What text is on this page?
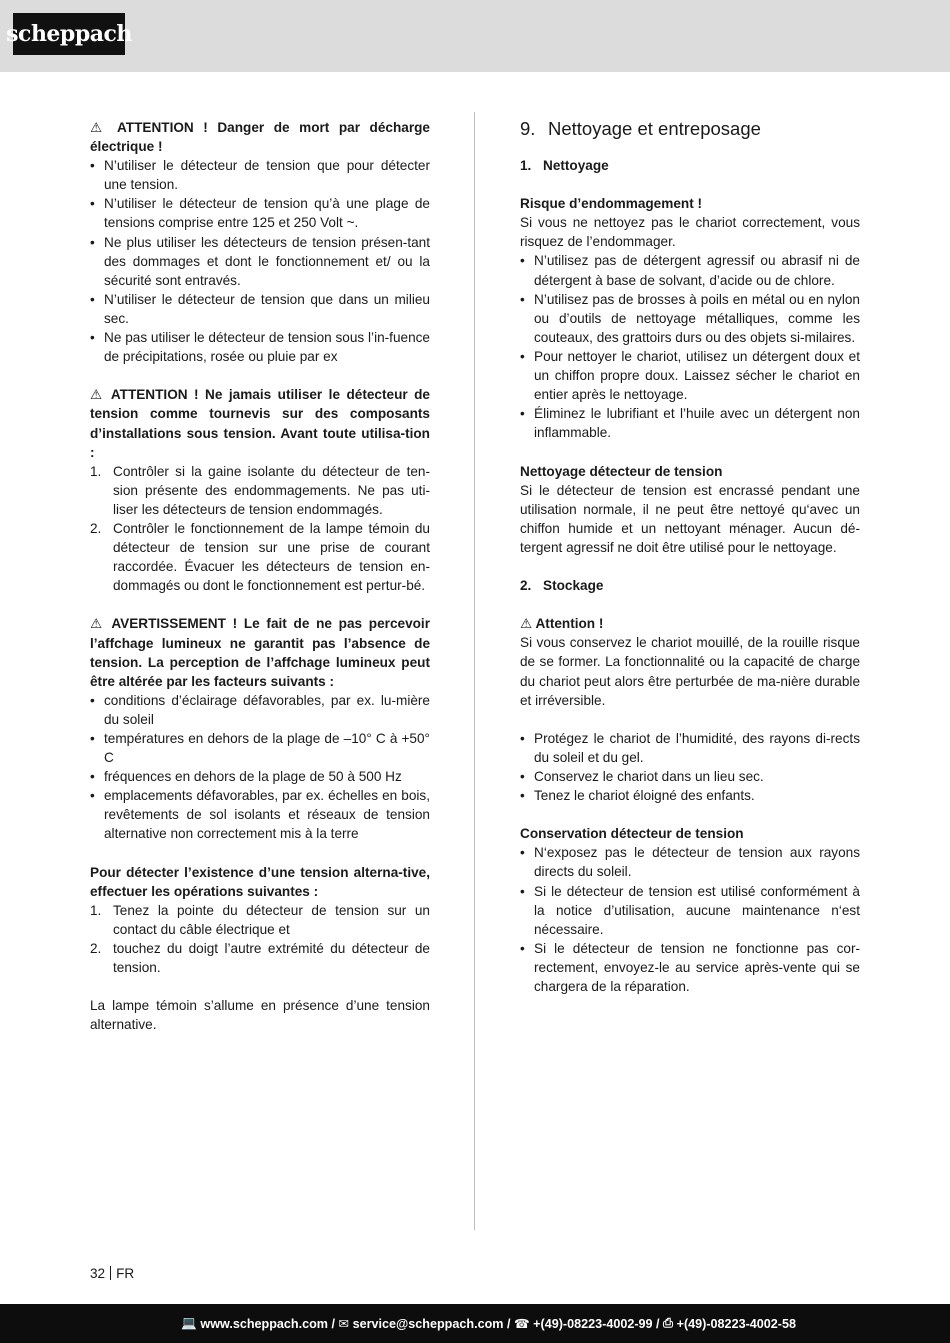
scheppach

⚠ ATTENTION ! Danger de mort par décharge électrique !

• N’utiliser le détecteur de tension que pour détecter une tension.
• N’utiliser le détecteur de tension qu’à une plage de tensions comprise entre 125 et 250 Volt ~.
• Ne plus utiliser les détecteurs de tension présen-tant des dommages et dont le fonctionnement et/ ou la sécurité sont entravés.
• N’utiliser le détecteur de tension que dans un milieu sec.
• Ne pas utiliser le détecteur de tension sous l’in-fuence de précipitations, rosée ou pluie par ex

⚠ ATTENTION ! Ne jamais utiliser le détecteur de tension comme tournevis sur des composants d’installations sous tension. Avant toute utilisa-tion :

1. Contrôler si la gaine isolante du détecteur de ten-sion présente des endommagements. Ne pas uti-liser les détecteurs de tension endommagés.
2. Contrôler le fonctionnement de la lampe témoin du détecteur de tension sur une prise de courant raccordée. Évacuer les détecteurs de tension en-dommagés ou dont le fonctionnement est pertur-bé.

⚠ AVERTISSEMENT ! Le fait de ne pas percevoir l’affchage lumineux ne garantit pas l’absence de tension. La perception de l’affchage lumineux peut être altérée par les facteurs suivants :

• conditions d’éclairage défavorables, par ex. lu-mière du soleil
• températures en dehors de la plage de –10° C à +50° C
• fréquences en dehors de la plage de 50 à 500 Hz
• emplacements défavorables, par ex. échelles en bois, revêtements de sol isolants et réseaux de tension alternative non correctement mis à la terre

Pour détecter l’existence d’une tension alterna-tive, effectuer les opérations suivantes :

1. Tenez la pointe du détecteur de tension sur un contact du câble électrique et
2. touchez du doigt l’autre extrémité du détecteur de tension.

La lampe témoin s’allume en présence d’une tension alternative.

9. Nettoyage et entreposage

1. Nettoyage

Risque d’endommagement !

Si vous ne nettoyez pas le chariot correctement, vous risquez de l’endommager.

• N’utilisez pas de détergent agressif ou abrasif ni de détergent à base de solvant, d’acide ou de chlore.
• N’utilisez pas de brosses à poils en métal ou en nylon ou d’outils de nettoyage métalliques, comme les couteaux, des grattoirs durs ou des objets si-milaires.
• Pour nettoyer le chariot, utilisez un détergent doux et un chiffon propre doux. Laissez sécher le chariot en entier après le nettoyage.
• Éliminez le lubrifiant et l’huile avec un détergent non inflammable.

Nettoyage détecteur de tension

Si le détecteur de tension est encrassé pendant une utilisation normale, il ne peut être nettoyé qu‘avec un chiffon humide et un nettoyant ménager. Aucun dé-tergent agressif ne doit être utilisé pour le nettoyage.

2. Stockage

⚠ Attention !

Si vous conservez le chariot mouillé, de la rouille risque de se former. La fonctionnalité ou la capacité de charge du chariot peut alors être perturbée de ma-nière durable et irréversible.

• Protégez le chariot de l’humidité, des rayons di-rects du soleil et du gel.
• Conservez le chariot dans un lieu sec.
• Tenez le chariot éloigné des enfants.

Conservation détecteur de tension

• N‘exposez pas le détecteur de tension aux rayons directs du soleil.
• Si le détecteur de tension est utilisé conformément à la notice d’utilisation, aucune maintenance n‘est nécessaire.
• Si le détecteur de tension ne fonctionne pas cor-rectement, envoyez-le au service après-vente qui se chargera de la réparation.
32 FR
💻 www.scheppach.com /
✉ service@scheppach.com /
☎ +(49)-08223-4002-99 /
⎙ +(49)-08223-4002-58
